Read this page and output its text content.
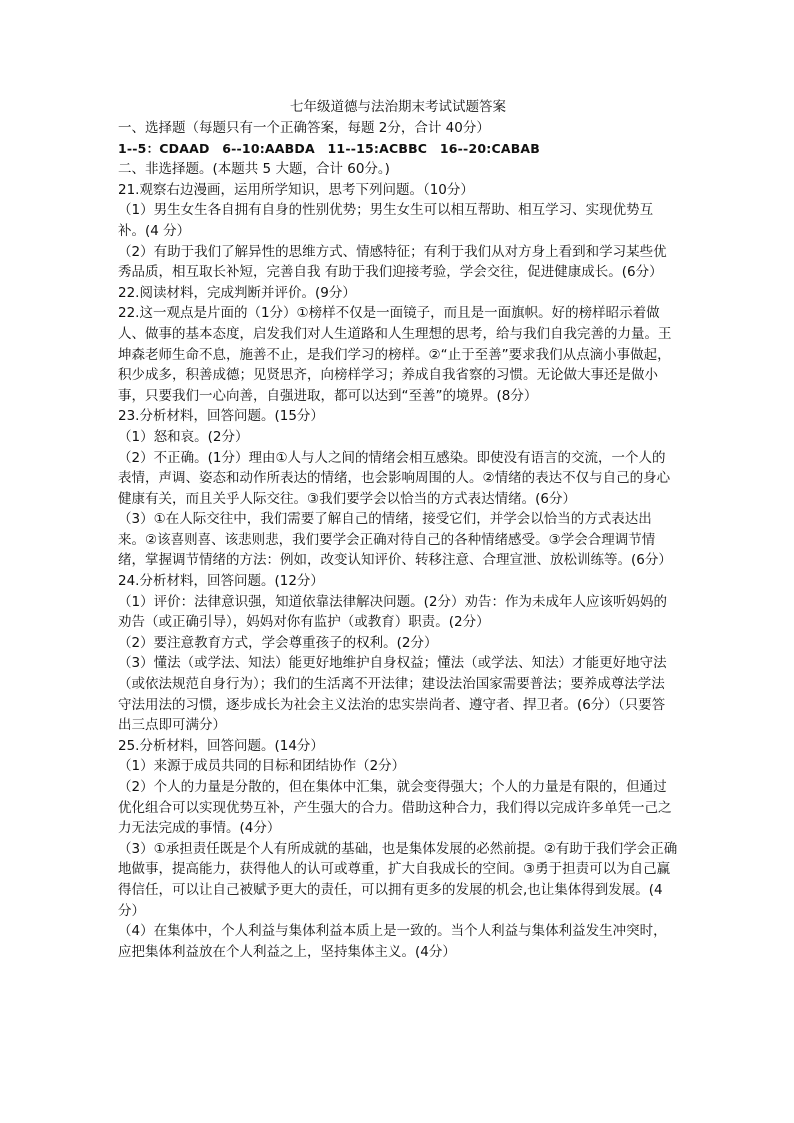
七年级道德与法治期末考试试题答案

一、选择题（每题只有一个正确答案，每题 2分，合计 40分）

1--5：CDAAD　6--10:AABDA　11--15:ACBBC　16--20:CABAB

二、非选择题。(本题共 5 大题，合计 60分。)

21.观察右边漫画，运用所学知识，思考下列问题。（10分）

（1）男生女生各自拥有自身的性别优势；男生女生可以相互帮助、相互学习、实现优势互补。(4 分）

（2）有助于我们了解异性的思维方式、情感特征；有利于我们从对方身上看到和学习某些优秀品质，相互取长补短，完善自我 有助于我们迎接考验，学会交往，促进健康成长。(6分）

22.阅读材料，完成判断并评价。(9分）

22.这一观点是片面的（1分）①榜样不仅是一面镜子，而且是一面旗帜。好的榜样昭示着做人、做事的基本态度，启发我们对人生道路和人生理想的思考，给与我们自我完善的力量。王坤森老师生命不息，施善不止，是我们学习的榜样。②“止于至善”要求我们从点滴小事做起，积少成多，积善成德；见贤思齐，向榜样学习；养成自我省察的习惯。无论做大事还是做小事，只要我们一心向善，自强进取，都可以达到“至善”的境界。(8分）

23.分析材料，回答问题。(15分）

（1）怒和哀。(2分）

（2）不正确。(1分）理由①人与人之间的情绪会相互感染。即使没有语言的交流，一个人的表情，声调、姿态和动作所表达的情绪，也会影响周围的人。②情绪的表达不仅与自己的身心健康有关，而且关乎人际交往。③我们要学会以恰当的方式表达情绪。(6分）

（3）①在人际交往中，我们需要了解自己的情绪，接受它们，并学会以恰当的方式表达出来。②该喜则喜、该悲则悲，我们要学会正确对待自己的各种情绪感受。③学会合理调节情绪，掌握调节情绪的方法：例如，改变认知评价、转移注意、合理宣泄、放松训练等。(6分）

24.分析材料，回答问题。(12分）

（1）评价：法律意识强，知道依靠法律解决问题。(2分）劝告：作为未成年人应该听妈妈的劝告（或正确引导），妈妈对你有监护（或教育）职责。(2分）

（2）要注意教育方式，学会尊重孩子的权利。(2分）

（3）懂法（或学法、知法）能更好地维护自身权益；懂法（或学法、知法）才能更好地守法（或依法规范自身行为）；我们的生活离不开法律；建设法治国家需要普法；要养成尊法学法守法用法的习惯，逐步成长为社会主义法治的忠实崇尚者、遵守者、捍卫者。(6分）（只要答出三点即可满分）

25.分析材料，回答问题。(14分）

（1）来源于成员共同的目标和团结协作（2分）

（2）个人的力量是分散的，但在集体中汇集，就会变得强大；个人的力量是有限的，但通过优化组合可以实现优势互补，产生强大的合力。借助这种合力，我们得以完成许多单凭一己之力无法完成的事情。(4分）

（3）①承担责任既是个人有所成就的基础，也是集体发展的必然前提。②有助于我们学会正确地做事，提高能力，获得他人的认可或尊重，扩大自我成长的空间。③勇于担责可以为自己赢得信任，可以让自己被赋予更大的责任，可以拥有更多的发展的机会,也让集体得到发展。(4分）

（4）在集体中，个人利益与集体利益本质上是一致的。当个人利益与集体利益发生冲突时，应把集体利益放在个人利益之上，坚持集体主义。(4分）
